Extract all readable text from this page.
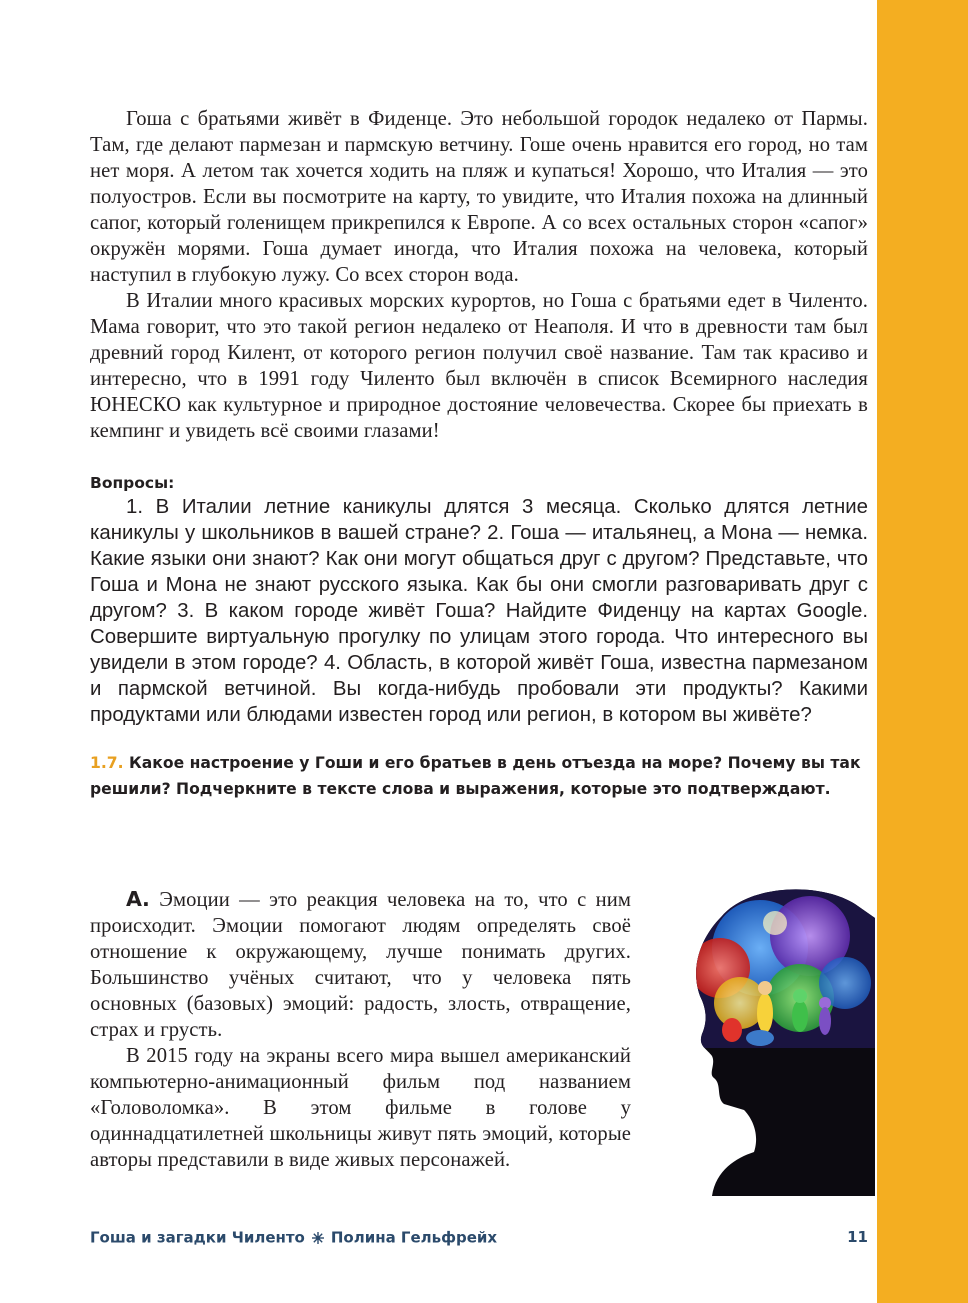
Гоша с братьями живёт в Фиденце. Это небольшой городок недалеко от Пармы. Там, где делают пармезан и пармскую ветчину. Гоше очень нравится его город, но там нет моря. А летом так хочется ходить на пляж и купаться! Хорошо, что Италия — это полуостров. Если вы посмотрите на карту, то увидите, что Италия похожа на длинный сапог, который голенищем прикрепился к Европе. А со всех остальных сторон «сапог» окружён морями. Гоша думает иногда, что Италия похожа на человека, который наступил в глубокую лужу. Со всех сторон вода.

В Италии много красивых морских курортов, но Гоша с братьями едет в Чиленто. Мама говорит, что это такой регион недалеко от Неаполя. И что в древности там был древний город Килент, от которого регион получил своё название. Там так красиво и интересно, что в 1991 году Чиленто был включён в список Всемирного наследия ЮНЕСКО как культурное и природное достояние человечества. Скорее бы приехать в кемпинг и увидеть всё своими глазами!

Вопросы:

1. В Италии летние каникулы длятся 3 месяца. Сколько длятся летние каникулы у школьников в вашей стране? 2. Гоша — итальянец, а Мона — немка. Какие языки они знают? Как они могут общаться друг с другом? Представьте, что Гоша и Мона не знают русского языка. Как бы они смогли разговаривать друг с другом? 3. В каком городе живёт Гоша? Найдите Фиденцу на картах Google. Совершите виртуальную прогулку по улицам этого города. Что интересного вы увидели в этом городе? 4. Область, в которой живёт Гоша, известна пармезаном и пармской ветчиной. Вы когда-нибудь пробовали эти продукты? Какими продуктами или блюдами известен город или регион, в котором вы живёте?

1.7. Какое настроение у Гоши и его братьев в день отъезда на море? Почему вы так решили? Подчеркните в тексте слова и выражения, которые это подтверждают.

А. Эмоции — это реакция человека на то, что с ним происходит. Эмоции помогают людям определять своё отношение к окружающему, лучше понимать других. Большинство учёных считают, что у человека пять основных (базовых) эмоций: радость, злость, отвращение, страх и грусть.

В 2015 году на экраны всего мира вышел американский компьютерно-анимационный фильм под названием «Головоломка». В этом фильме в голове у одиннадцатилетней школьницы живут пять эмоций, которые авторы представили в виде живых персонажей.

Гоша и загадки Чиленто Полина Гельфрейх	11
